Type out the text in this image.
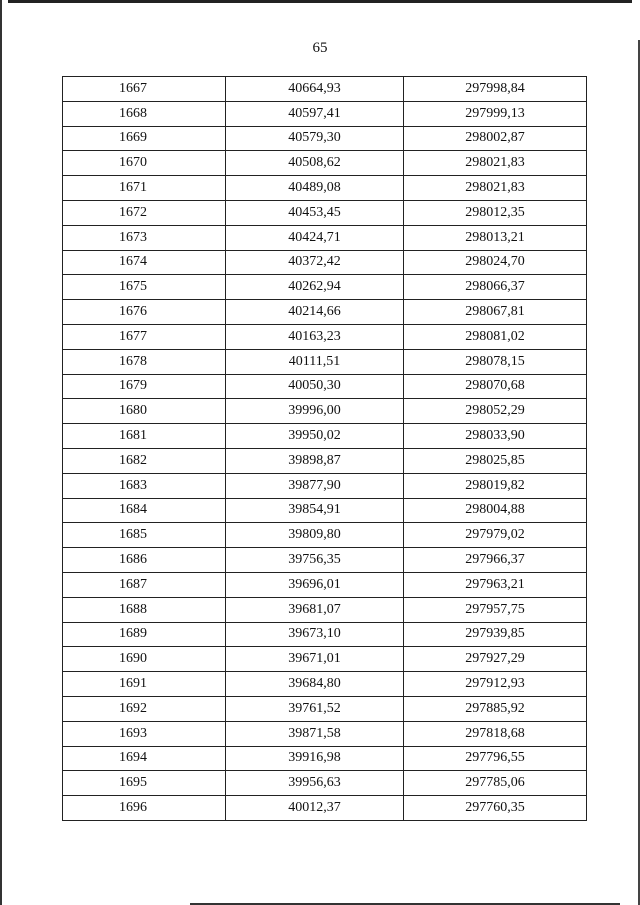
65
1667	40664,93	297998,84
1668	40597,41	297999,13
1669	40579,30	298002,87
1670	40508,62	298021,83
1671	40489,08	298021,83
1672	40453,45	298012,35
1673	40424,71	298013,21
1674	40372,42	298024,70
1675	40262,94	298066,37
1676	40214,66	298067,81
1677	40163,23	298081,02
1678	40111,51	298078,15
1679	40050,30	298070,68
1680	39996,00	298052,29
1681	39950,02	298033,90
1682	39898,87	298025,85
1683	39877,90	298019,82
1684	39854,91	298004,88
1685	39809,80	297979,02
1686	39756,35	297966,37
1687	39696,01	297963,21
1688	39681,07	297957,75
1689	39673,10	297939,85
1690	39671,01	297927,29
1691	39684,80	297912,93
1692	39761,52	297885,92
1693	39871,58	297818,68
1694	39916,98	297796,55
1695	39956,63	297785,06
1696	40012,37	297760,35
